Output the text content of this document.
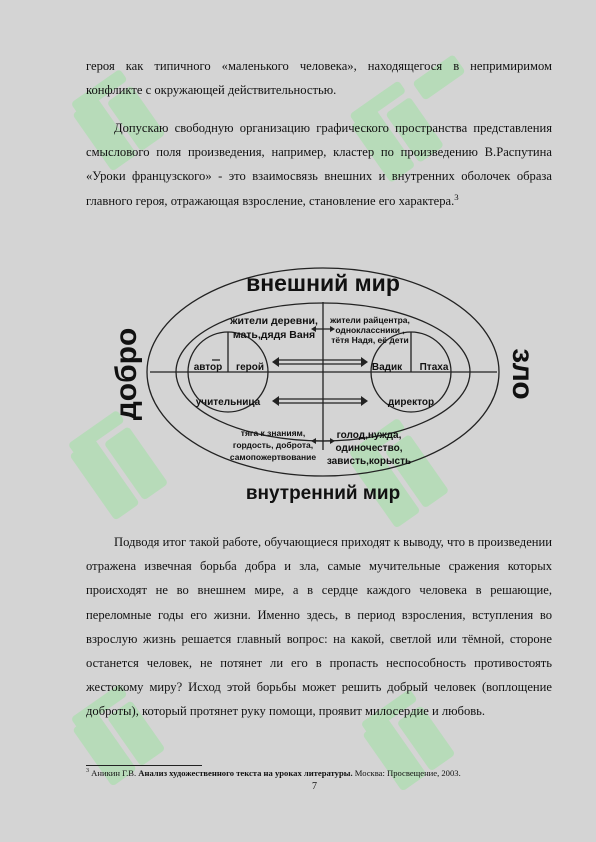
героя как типичного «маленького человека», находящегося в непримиримом конфликте с окружающей действительностью.

Допускаю свободную организацию графического пространства представления смыслового поля произведения, например, кластер по произведению В.Распутина «Уроки французского» - это взаимосвязь внешних и внутренних оболочек образа главного героя, отражающая взросление, становление его характера.$^3$

внешний мир
внутренний мир
добро	зло
жители деревни,
мать,дядя Ваня
жители райцентра,
одноклассники ,
тётя Надя, её дети
тяга к знаниям,
гордость, доброта,
самопожертвование
голод,нужда,
одиночество,
зависть,корысть
автор герой
учительница
Вадик Птаха
директор

Подводя итог такой работе, обучающиеся приходят к выводу, что в произведении отражена извечная борьба добра и зла, самые мучительные сражения которых происходят не во внешнем мире, а в сердце каждого человека в решающие, переломные годы его жизни. Именно здесь, в период взросления, вступления во взрослую жизнь решается главный вопрос: на какой, светлой или тёмной, стороне останется человек, не потянет ли его в пропасть неспособность противостоять жестокому миру? Исход этой борьбы может решить добрый человек (воплощение доброты), который протянет руку помощи, проявит милосердие и любовь.

$^3$ Аникин Г.В. Анализ художественного текста на уроках литературы. Москва: Просвещение, 2003.
7
